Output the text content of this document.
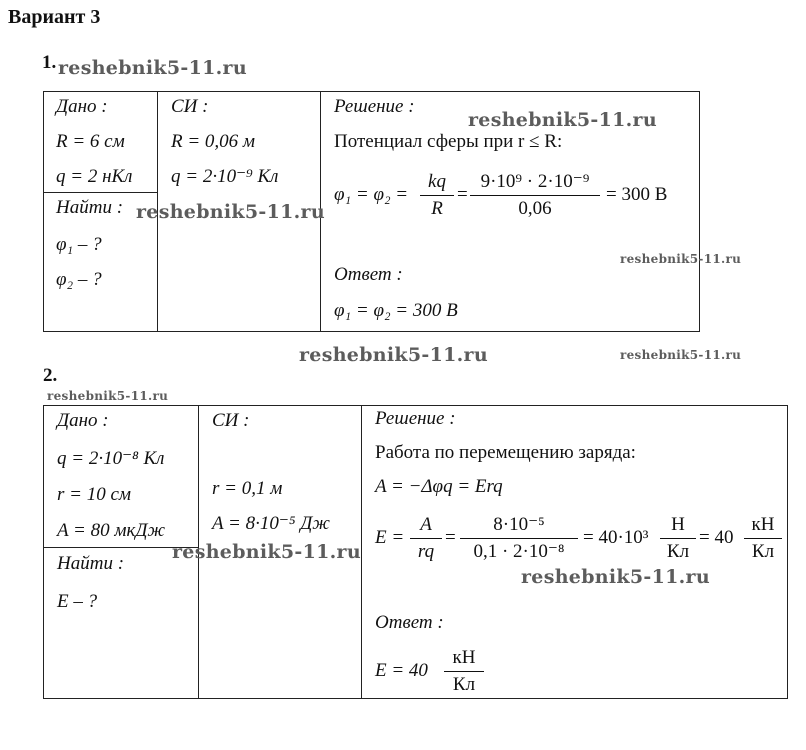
Вариант 3
1. reshebnik5-11.ru
Дано :
R = 6 см
q = 2 нКл
Найти :
φ₁ – ?
φ₂ – ?
СИ :
R = 0,06 м
q = 2·10⁻⁹ Кл
Решение :
Потенциал сферы при r ≤ R:
$\varphi_1 = \varphi_2 = \frac{kq}{R} = \frac{\text{9·10⁹ · 2·10⁻⁹}}{0,06} = 300$ В
Ответ :
φ₁ = φ₂ = 300 В
reshebnik5-11.ru
reshebnik5-11.ru
reshebnik5-11.ru
reshebnik5-11.ru	reshebnik5-11.ru
2.
reshebnik5-11.ru
Дано :
q = 2·10⁻⁸ Кл
r = 10 см
A = 80 мкДж
Найти :
E – ?
СИ :
r = 0,1 м
A = 8·10⁻⁵ Дж
Решение :
Работа по перемещению заряда:
A = −Δφq = Erq
$E = \frac{A}{rq} = \frac{\text{8·10⁻⁵}}{\text{0,1 · 2·10⁻⁸}} = 40\cdot 10^3$
Н
Кл
= 40
кН
Кл
Ответ :
E = 40
кН
Кл
reshebnik5-11.ru
reshebnik5-11.ru
